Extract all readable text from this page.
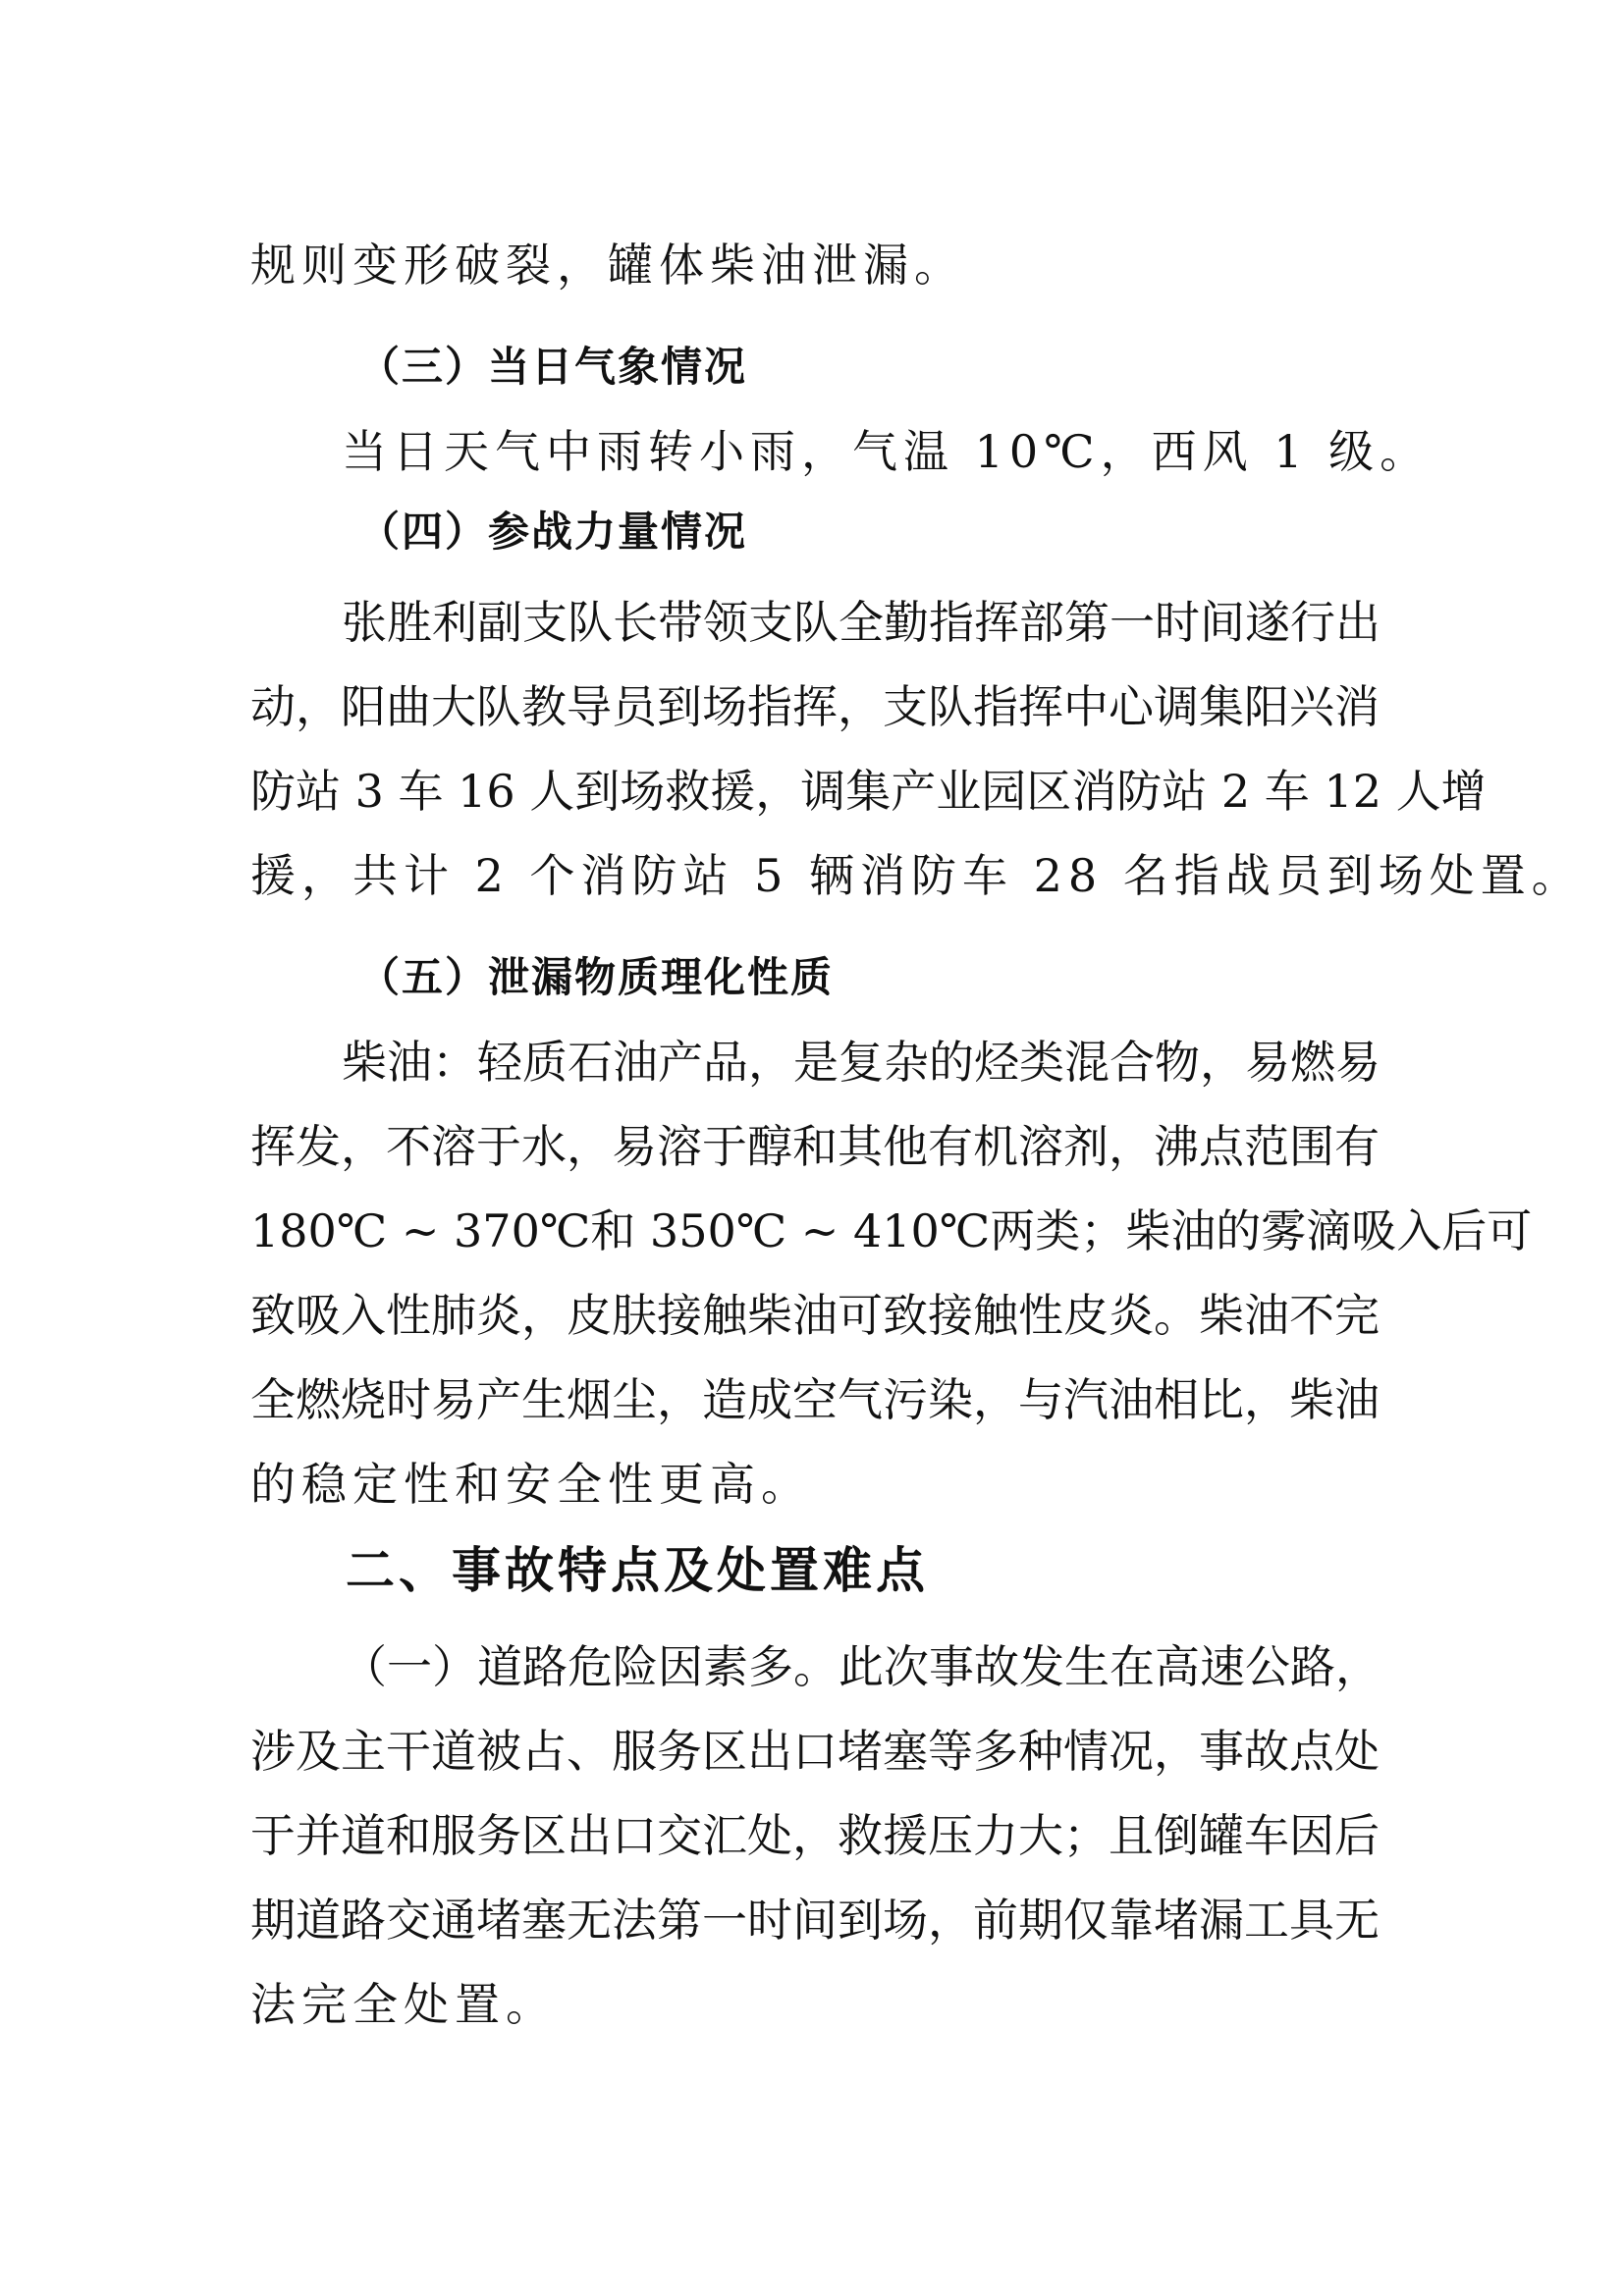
规则变形破裂，罐体柴油泄漏。

（三）当日气象情况

当日天气中雨转小雨，气温 10℃，西风 1 级。

（四）参战力量情况

张胜利副支队长带领支队全勤指挥部第一时间遂行出

动，阳曲大队教导员到场指挥，支队指挥中心调集阳兴消

防站 3 车 16 人到场救援，调集产业园区消防站 2 车 12 人增

援，共计 2 个消防站 5 辆消防车 28 名指战员到场处置。

（五）泄漏物质理化性质

柴油：轻质石油产品，是复杂的烃类混合物，易燃易

挥发，不溶于水，易溶于醇和其他有机溶剂，沸点范围有

180℃ ~ 370℃和 350℃ ~ 410℃两类；柴油的雾滴吸入后可

致吸入性肺炎，皮肤接触柴油可致接触性皮炎。柴油不完

全燃烧时易产生烟尘，造成空气污染，与汽油相比，柴油

的稳定性和安全性更高。

二、事故特点及处置难点

（一）道路危险因素多。此次事故发生在高速公路，

涉及主干道被占、服务区出口堵塞等多种情况，事故点处

于并道和服务区出口交汇处，救援压力大；且倒罐车因后

期道路交通堵塞无法第一时间到场，前期仅靠堵漏工具无

法完全处置。
